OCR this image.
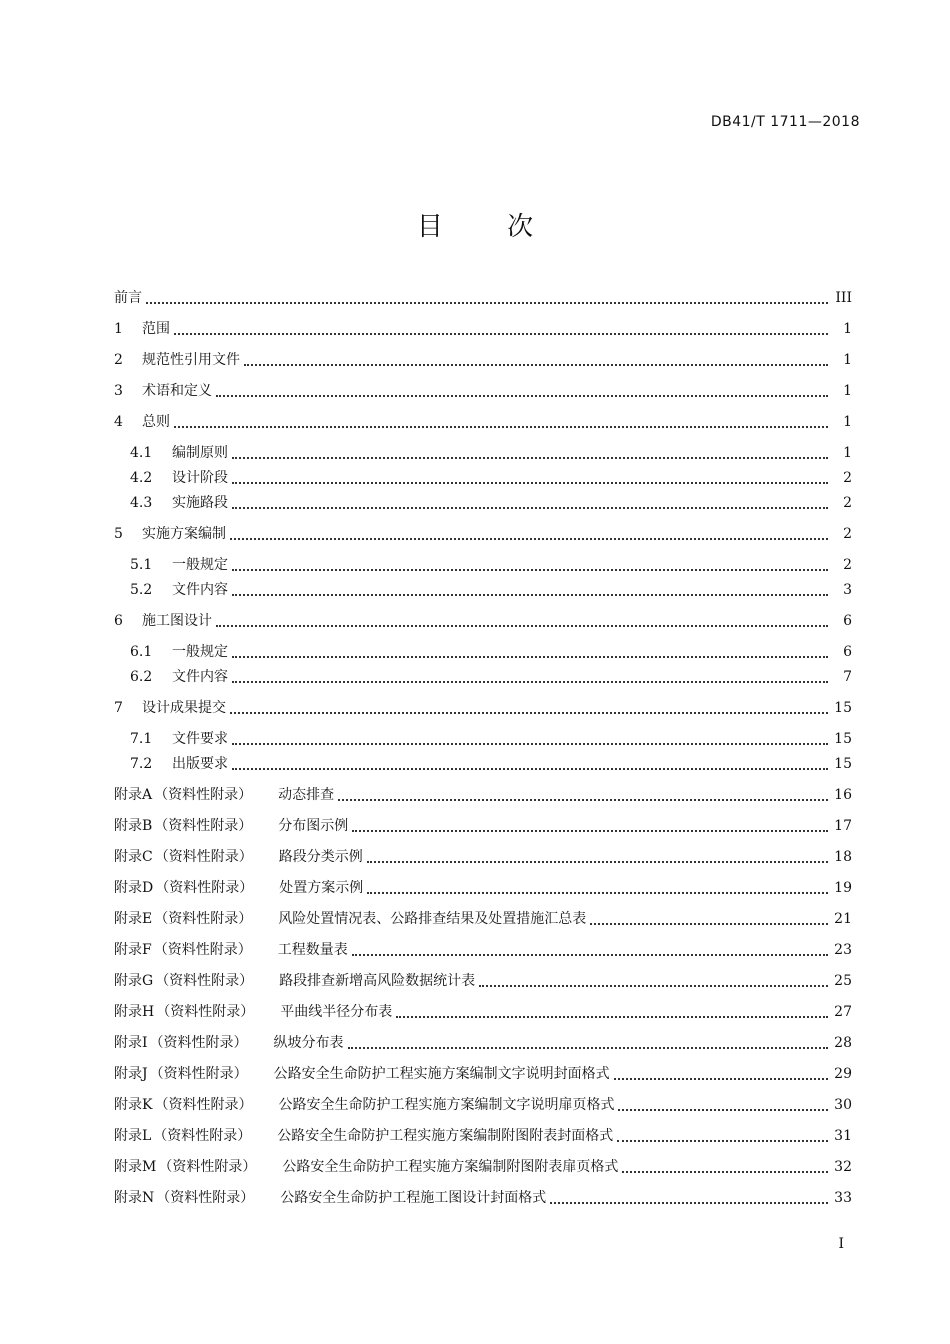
DB41/T 1711—2018
目 次
前言	III
1	范围	1
2	规范性引用文件	1
3	术语和定义	1
4	总则	1
4.1	编制原则	1
4.2	设计阶段	2
4.3	实施路段	2
5	实施方案编制	2
5.1	一般规定	2
5.2	文件内容	3
6	施工图设计	6
6.1	一般规定	6
6.2	文件内容	7
7	设计成果提交	15
7.1	文件要求	15
7.2	出版要求	15
附录A （资料性附录） 动态排查	16
附录B （资料性附录） 分布图示例	17
附录C （资料性附录） 路段分类示例	18
附录D （资料性附录） 处置方案示例	19
附录E （资料性附录） 风险处置情况表、公路排查结果及处置措施汇总表	21
附录F （资料性附录） 工程数量表	23
附录G （资料性附录） 路段排查新增高风险数据统计表	25
附录H （资料性附录） 平曲线半径分布表	27
附录I （资料性附录） 纵坡分布表	28
附录J （资料性附录） 公路安全生命防护工程实施方案编制文字说明封面格式	29
附录K （资料性附录） 公路安全生命防护工程实施方案编制文字说明扉页格式	30
附录L （资料性附录） 公路安全生命防护工程实施方案编制附图附表封面格式	31
附录M （资料性附录） 公路安全生命防护工程实施方案编制附图附表扉页格式	32
附录N （资料性附录） 公路安全生命防护工程施工图设计封面格式	33
I
